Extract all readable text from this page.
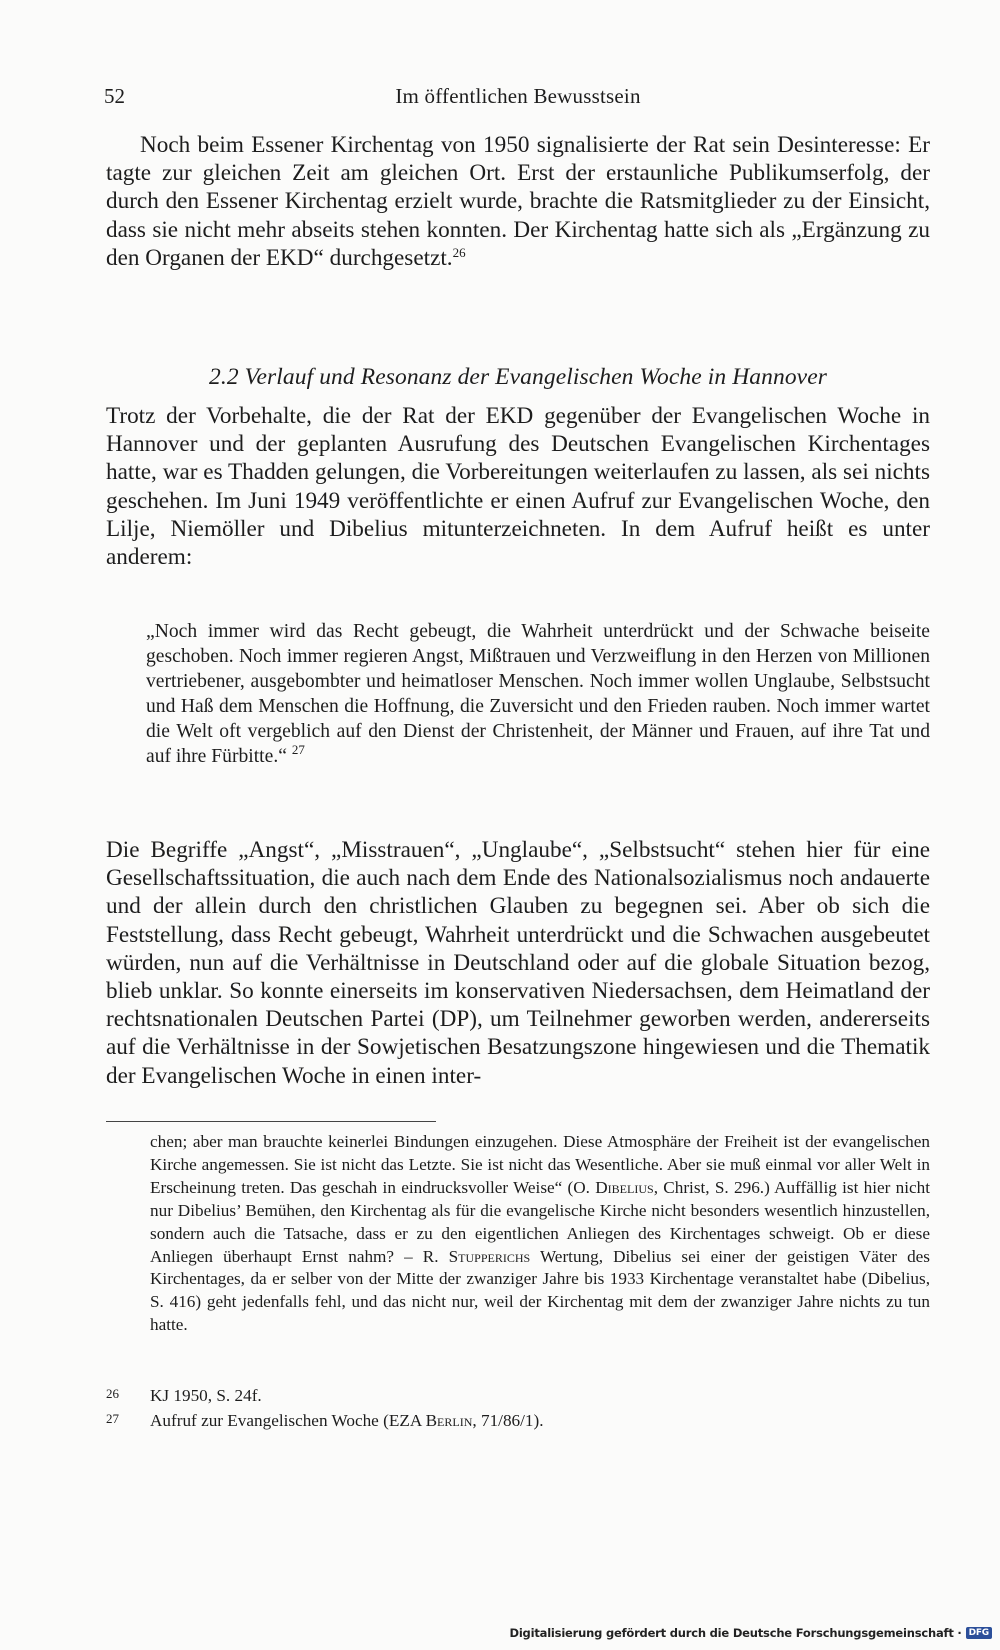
52	Im öffentlichen Bewusstsein

Noch beim Essener Kirchentag von 1950 signalisierte der Rat sein Desinteresse: Er tagte zur gleichen Zeit am gleichen Ort. Erst der erstaunliche Publikumserfolg, der durch den Essener Kirchentag erzielt wurde, brachte die Ratsmitglieder zu der Einsicht, dass sie nicht mehr abseits stehen konnten. Der Kirchentag hatte sich als „Ergänzung zu den Organen der EKD“ durchgesetzt.$^{26}$

2.2 Verlauf und Resonanz der Evangelischen Woche in Hannover

Trotz der Vorbehalte, die der Rat der EKD gegenüber der Evangelischen Woche in Hannover und der geplanten Ausrufung des Deutschen Evangelischen Kirchentages hatte, war es Thadden gelungen, die Vorbereitungen weiterlaufen zu lassen, als sei nichts geschehen. Im Juni 1949 veröffentlichte er einen Aufruf zur Evangelischen Woche, den Lilje, Niemöller und Dibelius mitunterzeichneten. In dem Aufruf heißt es unter anderem:

„Noch immer wird das Recht gebeugt, die Wahrheit unterdrückt und der Schwache beiseite geschoben. Noch immer regieren Angst, Mißtrauen und Verzweiflung in den Herzen von Millionen vertriebener, ausgebombter und heimatloser Menschen. Noch immer wollen Unglaube, Selbstsucht und Haß dem Menschen die Hoffnung, die Zuversicht und den Frieden rauben. Noch immer wartet die Welt oft vergeblich auf den Dienst der Christenheit, der Männer und Frauen, auf ihre Tat und auf ihre Fürbitte.“ $^{27}$

Die Begriffe „Angst“, „Misstrauen“, „Unglaube“, „Selbstsucht“ stehen hier für eine Gesellschaftssituation, die auch nach dem Ende des Nationalsozialismus noch andauerte und der allein durch den christlichen Glauben zu begegnen sei. Aber ob sich die Feststellung, dass Recht gebeugt, Wahrheit unterdrückt und die Schwachen ausgebeutet würden, nun auf die Verhältnisse in Deutschland oder auf die globale Situation bezog, blieb unklar. So konnte einerseits im konservativen Niedersachsen, dem Heimatland der rechtsnationalen Deutschen Partei (DP), um Teilnehmer geworben werden, andererseits auf die Verhältnisse in der Sowjetischen Besatzungszone hingewiesen und die Thematik der Evangelischen Woche in einen inter-

chen; aber man brauchte keinerlei Bindungen einzugehen. Diese Atmosphäre der Freiheit ist der evangelischen Kirche angemessen. Sie ist nicht das Letzte. Sie ist nicht das Wesentliche. Aber sie muß einmal vor aller Welt in Erscheinung treten. Das geschah in eindrucksvoller Weise“ (O. Dibelius, Christ, S. 296.) Auffällig ist hier nicht nur Dibelius’ Bemühen, den Kirchentag als für die evangelische Kirche nicht besonders wesentlich hinzustellen, sondern auch die Tatsache, dass er zu den eigentlichen Anliegen des Kirchentages schweigt. Ob er diese Anliegen überhaupt Ernst nahm? – R. Stupperichs Wertung, Dibelius sei einer der geistigen Väter des Kirchentages, da er selber von der Mitte der zwanziger Jahre bis 1933 Kirchentage veranstaltet habe (Dibelius, S. 416) geht jedenfalls fehl, und das nicht nur, weil der Kirchentag mit dem der zwanziger Jahre nichts zu tun hatte.

26 KJ 1950, S. 24f.
27 Aufruf zur Evangelischen Woche (EZA Berlin, 71/86/1).
Digitalisierung gefördert durch die Deutsche Forschungsgemeinschaft · DFG
